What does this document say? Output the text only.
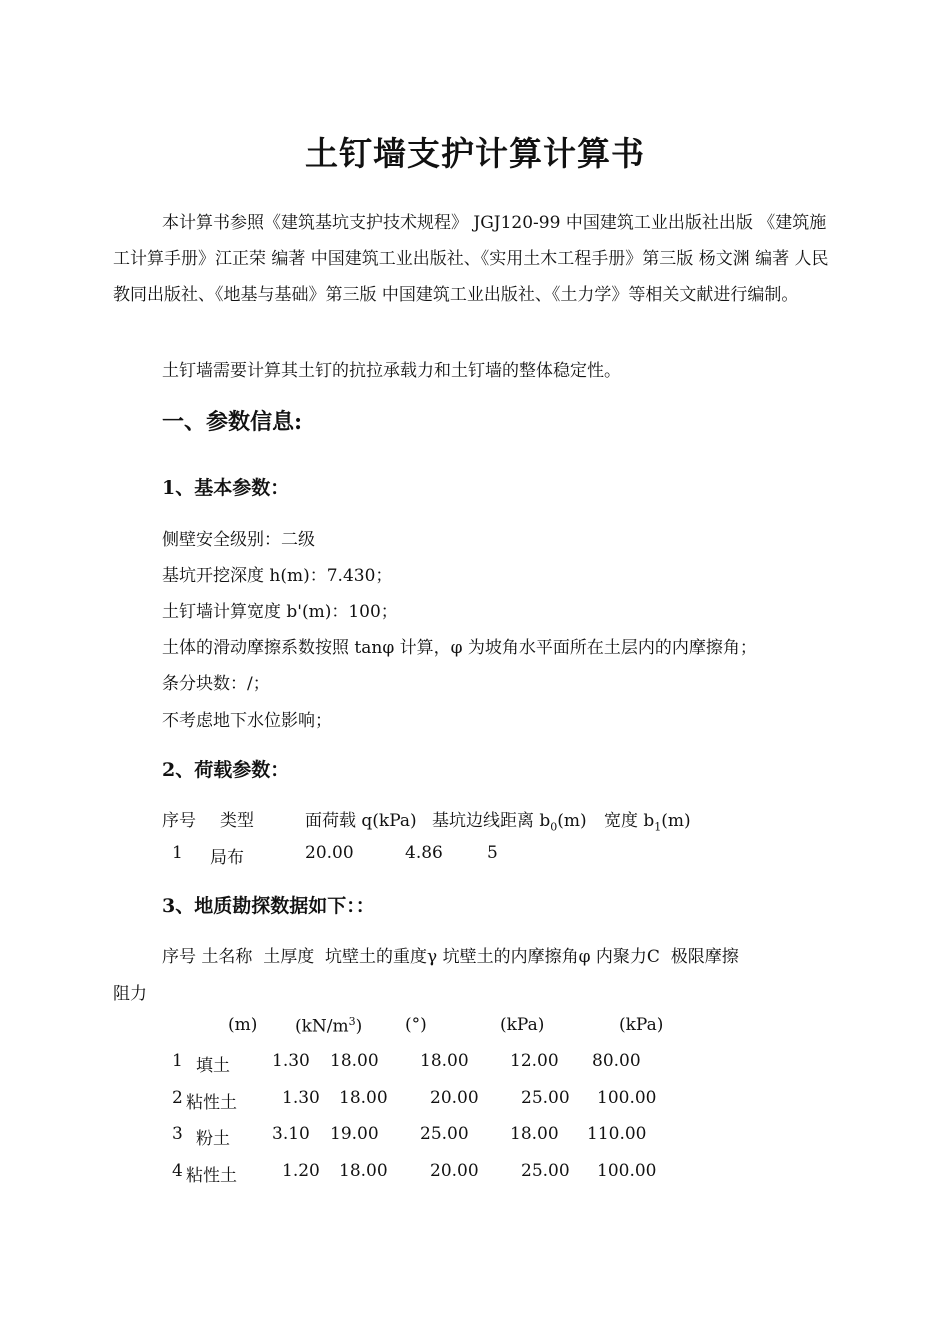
土钉墙支护计算计算书
本计算书参照《建筑基坑支护技术规程》 JGJ120-99 中国建筑工业出版社出版 《建筑施工计算手册》江正荣 编著 中国建筑工业出版社、《实用土木工程手册》第三版 杨文渊 编著 人民教同出版社、《地基与基础》第三版 中国建筑工业出版社、《土力学》等相关文献进行编制。
土钉墙需要计算其土钉的抗拉承载力和土钉墙的整体稳定性。
一、参数信息:
1、基本参数：
侧壁安全级别：二级
基坑开挖深度 h(m)：7.430；
土钉墙计算宽度 b'(m)：100；
土体的滑动摩擦系数按照 tanφ 计算，φ 为坡角水平面所在土层内的内摩擦角；
条分块数：/；
不考虑地下水位影响；
2、荷载参数：
序号 类型	面荷载 q(kPa) 基坑边线距离 $b_0(m)$ 宽度 $b_1(m)$
1 局布	20.00	4.86	5
3、地质勘探数据如下：：
序号 土名称  土厚度  坑壁土的重度γ 坑壁土的内摩擦角φ 内聚力C  极限摩擦
阻力
(m) $(kN/m^3)$	(°)	(kPa)	(kPa)
1 填土 1.30 18.00 18.00 12.00 80.00
2 粘性土	1.30 18.00 20.00 25.00 100.00
3 粉土 3.10 19.00 25.00 18.00 110.00
4 粘性土	1.20 18.00 20.00 25.00 100.00
